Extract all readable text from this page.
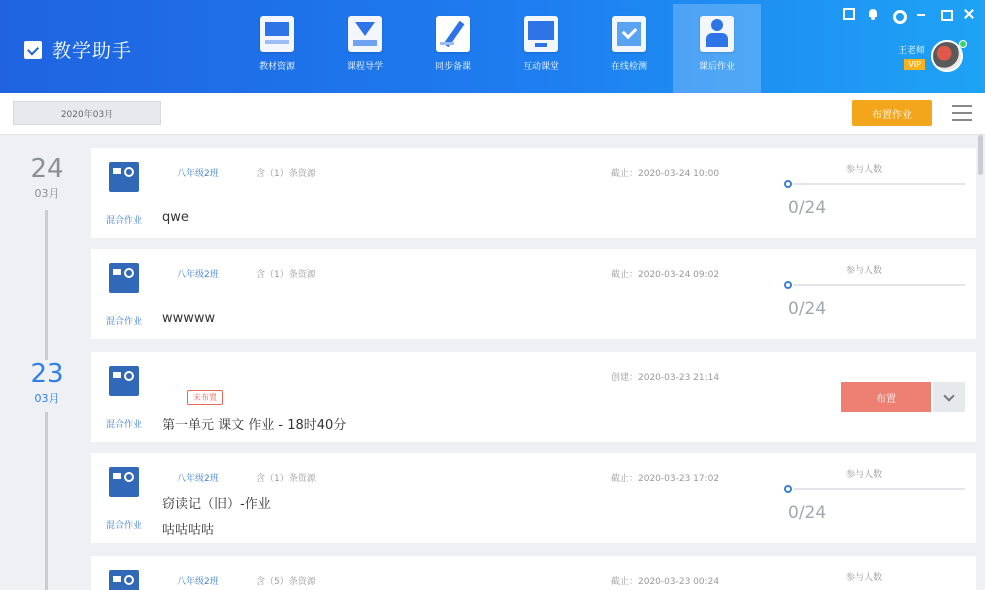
教学助手
教材资源	课程导学	同步备课	互动课堂	在线检测	课后作业
王老师
VIP
2020年03月	布置作业
24
03月
23
03月
混合作业
八年级2班	含（1）条资源
qwe
截止：2020-03-24 10:00	参与人数
0/24
混合作业
八年级2班	含（1）条资源
wwwww
截止：2020-03-24 09:02	参与人数
0/24
混合作业
未布置
第一单元 课文 作业 - 18时40分
创建：2020-03-23 21:14
布置
混合作业
八年级2班	含（1）条资源
窃读记（旧）-作业
咕咕咕咕
截止：2020-03-23 17:02	参与人数
0/24
八年级2班	含（5）条资源	截止：2020-03-23 00:24	参与人数
